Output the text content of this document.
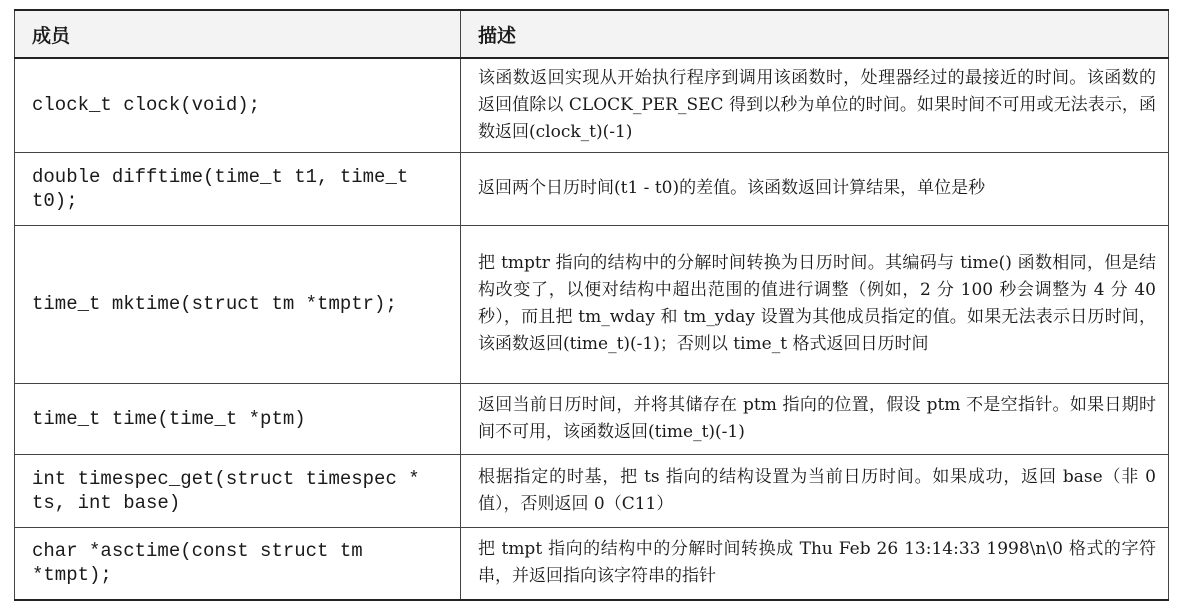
成员	描述
clock_t clock(void);	该函数返回实现从开始执行程序到调用该函数时，处理器经过的最接近的时间。该函数的返回值除以 CLOCK_PER_SEC 得到以秒为单位的时间。如果时间不可用或无法表示，函数返回(clock_t)(-1)
double difftime(time_t t1, time_t t0);	返回两个日历时间(t1 - t0)的差值。该函数返回计算结果，单位是秒
time_t mktime(struct tm *tmptr);	把 tmptr 指向的结构中的分解时间转换为日历时间。其编码与 time() 函数相同，但是结构改变了，以便对结构中超出范围的值进行调整（例如，2 分 100 秒会调整为 4 分 40 秒），而且把 tm_wday 和 tm_yday 设置为其他成员指定的值。如果无法表示日历时间，该函数返回(time_t)(-1)；否则以 time_t 格式返回日历时间
time_t time(time_t *ptm)	返回当前日历时间，并将其储存在 ptm 指向的位置，假设 ptm 不是空指针。如果日期时间不可用，该函数返回(time_t)(-1)
int timespec_get(struct timespec * ts, int base)	根据指定的时基，把 ts 指向的结构设置为当前日历时间。如果成功，返回 base（非 0 值），否则返回 0（C11）
char *asctime(const struct tm *tmpt);	把 tmpt 指向的结构中的分解时间转换成 Thu Feb 26 13:14:33 1998\n\0 格式的字符串，并返回指向该字符串的指针
